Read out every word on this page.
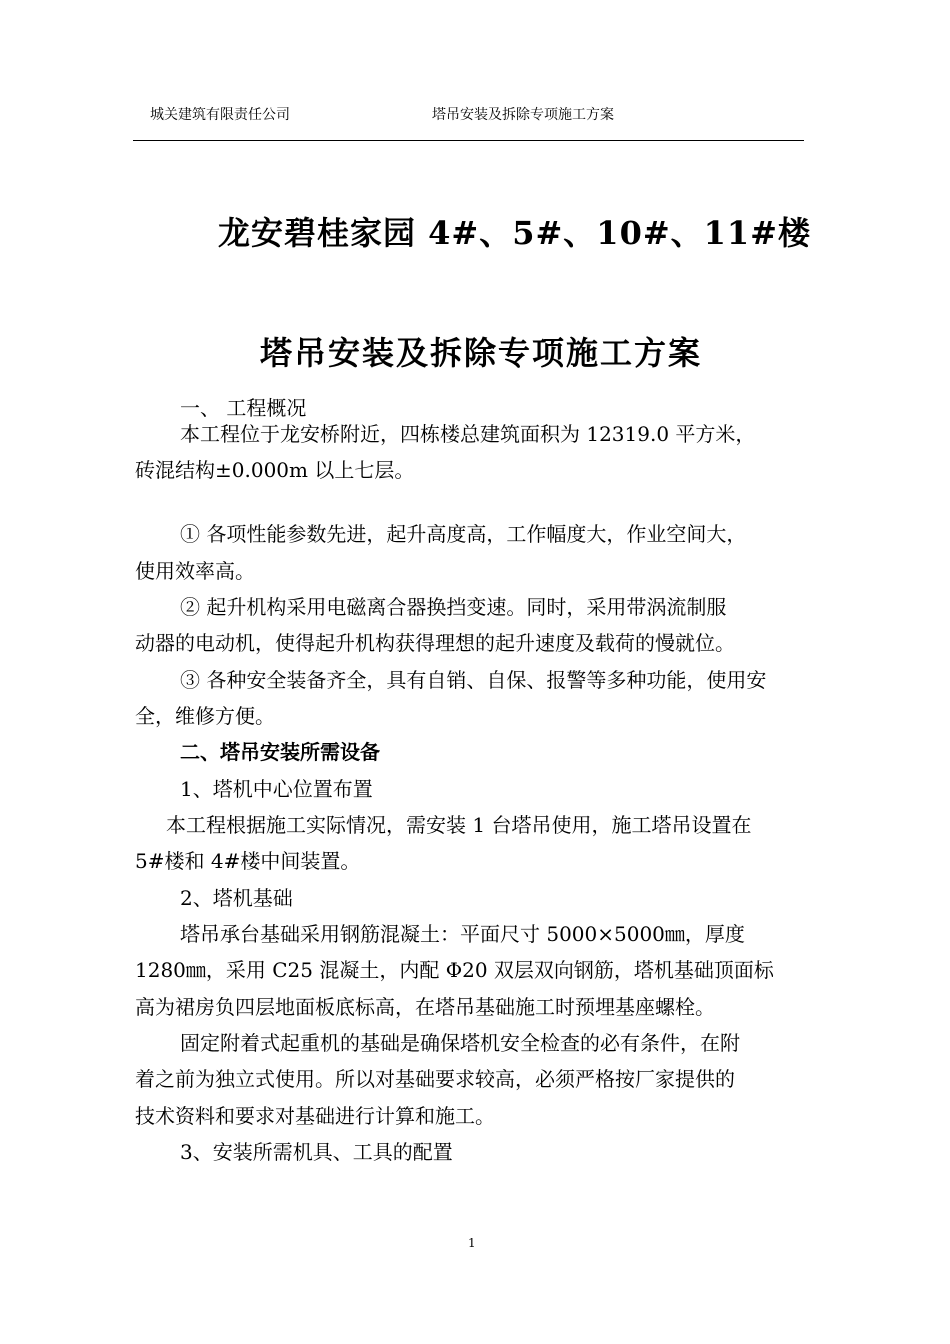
城关建筑有限责任公司	塔吊安装及拆除专项施工方案
龙安碧桂家园 4#、5#、10#、11#楼
塔吊安装及拆除专项施工方案
一、 工程概况
本工程位于龙安桥附近，四栋楼总建筑面积为 12319.0 平方米，
砖混结构±0.000m 以上七层。
① 各项性能参数先进，起升高度高，工作幅度大，作业空间大，
使用效率高。
② 起升机构采用电磁离合器换挡变速。同时，采用带涡流制服
动器的电动机，使得起升机构获得理想的起升速度及载荷的慢就位。
③ 各种安全装备齐全，具有自销、自保、报警等多种功能，使用安
全，维修方便。
二、塔吊安装所需设备
1、塔机中心位置布置
本工程根据施工实际情况，需安装 1 台塔吊使用，施工塔吊设置在
5#楼和 4#楼中间装置。
2、塔机基础
塔吊承台基础采用钢筋混凝土：平面尺寸 5000×5000㎜，厚度
1280㎜，采用 C25 混凝土，内配 Φ20 双层双向钢筋，塔机基础顶面标
高为裙房负四层地面板底标高，在塔吊基础施工时预埋基座螺栓。
固定附着式起重机的基础是确保塔机安全检查的必有条件，在附
着之前为独立式使用。所以对基础要求较高，必须严格按厂家提供的
技术资料和要求对基础进行计算和施工。
3、安装所需机具、工具的配置
1
